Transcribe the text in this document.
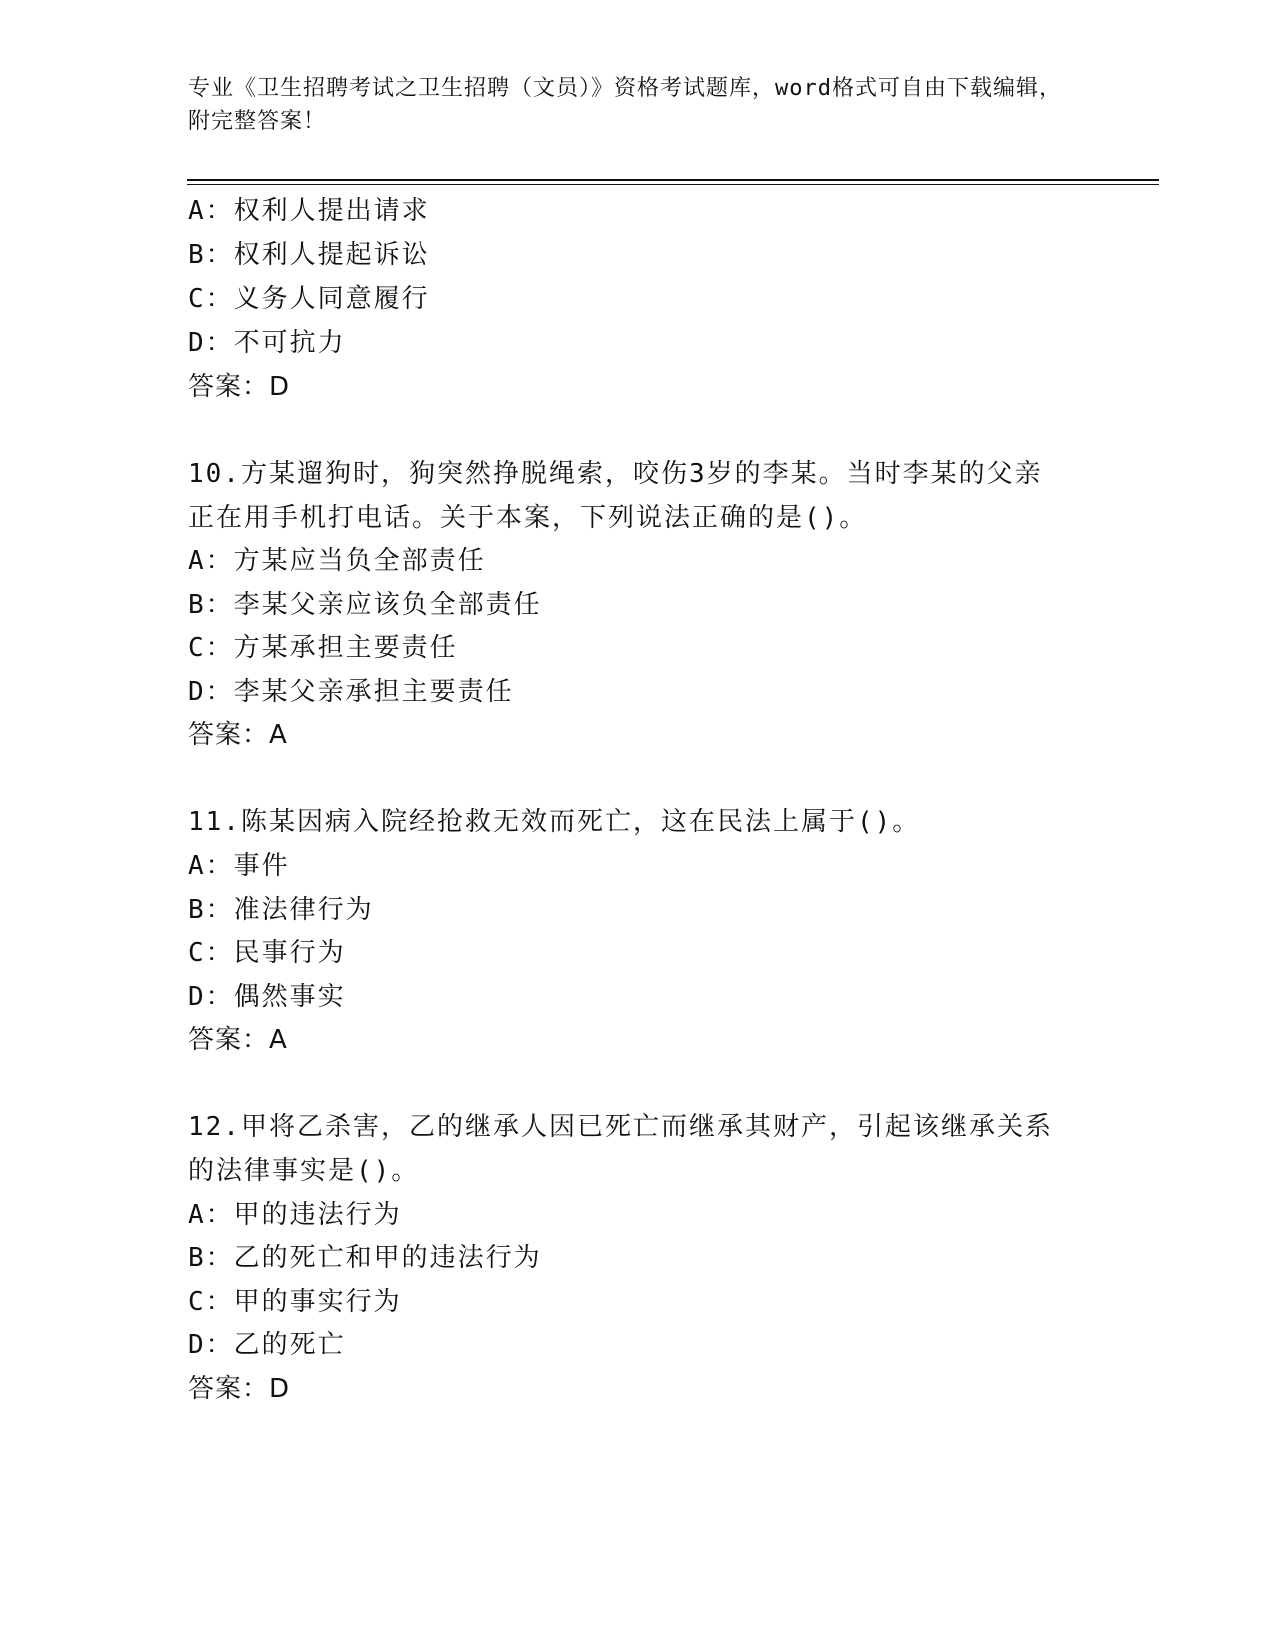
专业《卫生招聘考试之卫生招聘（文员）》资格考试题库，word格式可自由下载编辑，附完整答案！
A：权利人提出请求
B：权利人提起诉讼
C：义务人同意履行
D：不可抗力
答案：D
10.方某遛狗时，狗突然挣脱绳索，咬伤3岁的李某。当时李某的父亲
正在用手机打电话。关于本案，下列说法正确的是()。
A：方某应当负全部责任
B：李某父亲应该负全部责任
C：方某承担主要责任
D：李某父亲承担主要责任
答案：A
11.陈某因病入院经抢救无效而死亡，这在民法上属于()。
A：事件
B：准法律行为
C：民事行为
D：偶然事实
答案：A
12.甲将乙杀害，乙的继承人因已死亡而继承其财产，引起该继承关系
的法律事实是()。
A：甲的违法行为
B：乙的死亡和甲的违法行为
C：甲的事实行为
D：乙的死亡
答案：D
